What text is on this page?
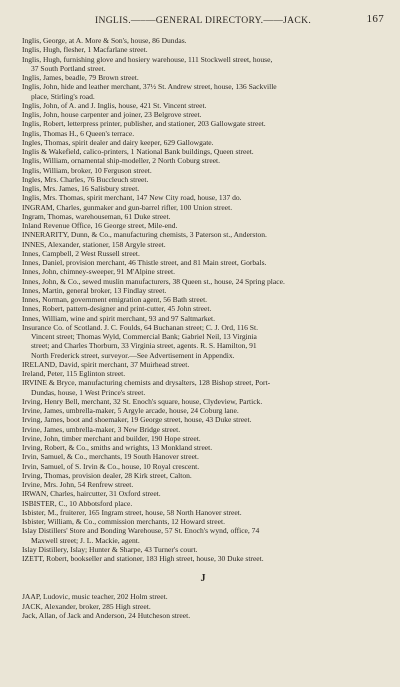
INGLIS.—–—GENERAL DIRECTORY.——JACK.	167
Inglis, George, at A. More & Son's, house, 86 Dundas.
Inglis, Hugh, flesher, 1 Macfarlane street.
Inglis, Hugh, furnishing glove and hosiery warehouse, 111 Stockwell street, house,
37 South Portland street.
Inglis, James, beadle, 79 Brown street.
Inglis, John, hide and leather merchant, 37½ St. Andrew street, house, 136 Sackville
place, Stirling's road.
Inglis, John, of A. and J. Inglis, house, 421 St. Vincent street.
Inglis, John, house carpenter and joiner, 23 Belgrove street.
Inglis, Robert, letterpress printer, publisher, and stationer, 203 Gallowgate street.
Inglis, Thomas H., 6 Queen's terrace.
Ingles, Thomas, spirit dealer and dairy keeper, 629 Gallowgate.
Inglis & Wakefield, calico-printers, 1 National Bank buildings, Queen street.
Inglis, William, ornamental ship-modeller, 2 North Coburg street.
Inglis, William, broker, 10 Ferguson street.
Ingles, Mrs. Charles, 76 Buccleuch street.
Inglis, Mrs. James, 16 Salisbury street.
Inglis, Mrs. Thomas, spirit merchant, 147 New City road, house, 137 do.
INGRAM, Charles, gunmaker and gun-barrel rifler, 100 Union street.
Ingram, Thomas, warehouseman, 61 Duke street.
Inland Revenue Office, 16 George street, Mile-end.
INNERARITY, Dunn, & Co., manufacturing chemists, 3 Paterson st., Anderston.
INNES, Alexander, stationer, 158 Argyle street.
Innes, Campbell, 2 West Russell street.
Innes, Daniel, provision merchant, 46 Thistle street, and 81 Main street, Gorbals.
Innes, John, chimney-sweeper, 91 M'Alpine street.
Innes, John, & Co., sewed muslin manufacturers, 38 Queen st., house, 24 Spring place.
Innes, Martin, general broker, 13 Findlay street.
Innes, Norman, government emigration agent, 56 Bath street.
Innes, Robert, pattern-designer and print-cutter, 45 John street.
Innes, William, wine and spirit merchant, 93 and 97 Saltmarket.
Insurance Co. of Scotland. J. C. Foulds, 64 Buchanan street; C. J. Ord, 116 St.
Vincent street; Thomas Wyld, Commercial Bank; Gabriel Neil, 13 Virginia
street; and Charles Thorburn, 33 Virginia street, agents. R. S. Hamilton, 91
North Frederick street, surveyor.—See Advertisement in Appendix.
IRELAND, David, spirit merchant, 37 Muirhead street.
Ireland, Peter, 115 Eglinton street.
IRVINE & Bryce, manufacturing chemists and drysalters, 128 Bishop street, Port-
Dundas, house, 1 West Prince's street.
Irving, Henry Bell, merchant, 32 St. Enoch's square, house, Clydeview, Partick.
Irvine, James, umbrella-maker, 5 Argyle arcade, house, 24 Coburg lane.
Irving, James, boot and shoemaker, 19 George street, house, 43 Duke street.
Irvine, James, umbrella-maker, 3 New Bridge street.
Irvine, John, timber merchant and builder, 190 Hope street.
Irving, Robert, & Co., smiths and wrights, 13 Monkland street.
Irvin, Samuel, & Co., merchants, 19 South Hanover street.
Irvin, Samuel, of S. Irvin & Co., house, 10 Royal crescent.
Irving, Thomas, provision dealer, 28 Kirk street, Calton.
Irvine, Mrs. John, 54 Renfrew street.
IRWAN, Charles, haircutter, 31 Oxford street.
ISBISTER, C., 10 Abbotsford place.
Isbister, M., fruiterer, 165 Ingram street, house, 58 North Hanover street.
Isbister, William, & Co., commission merchants, 12 Howard street.
Islay Distillers' Store and Bonding Warehouse, 57 St. Enoch's wynd, office, 74
Maxwell street; J. L. Mackie, agent.
Islay Distillery, Islay; Hunter & Sharpe, 43 Turner's court.
IZETT, Robert, bookseller and stationer, 183 High street, house, 30 Duke street.
J
JAAP, Ludovic, music teacher, 202 Holm street.
JACK, Alexander, broker, 285 High street.
Jack, Allan, of Jack and Anderson, 24 Hutcheson street.
